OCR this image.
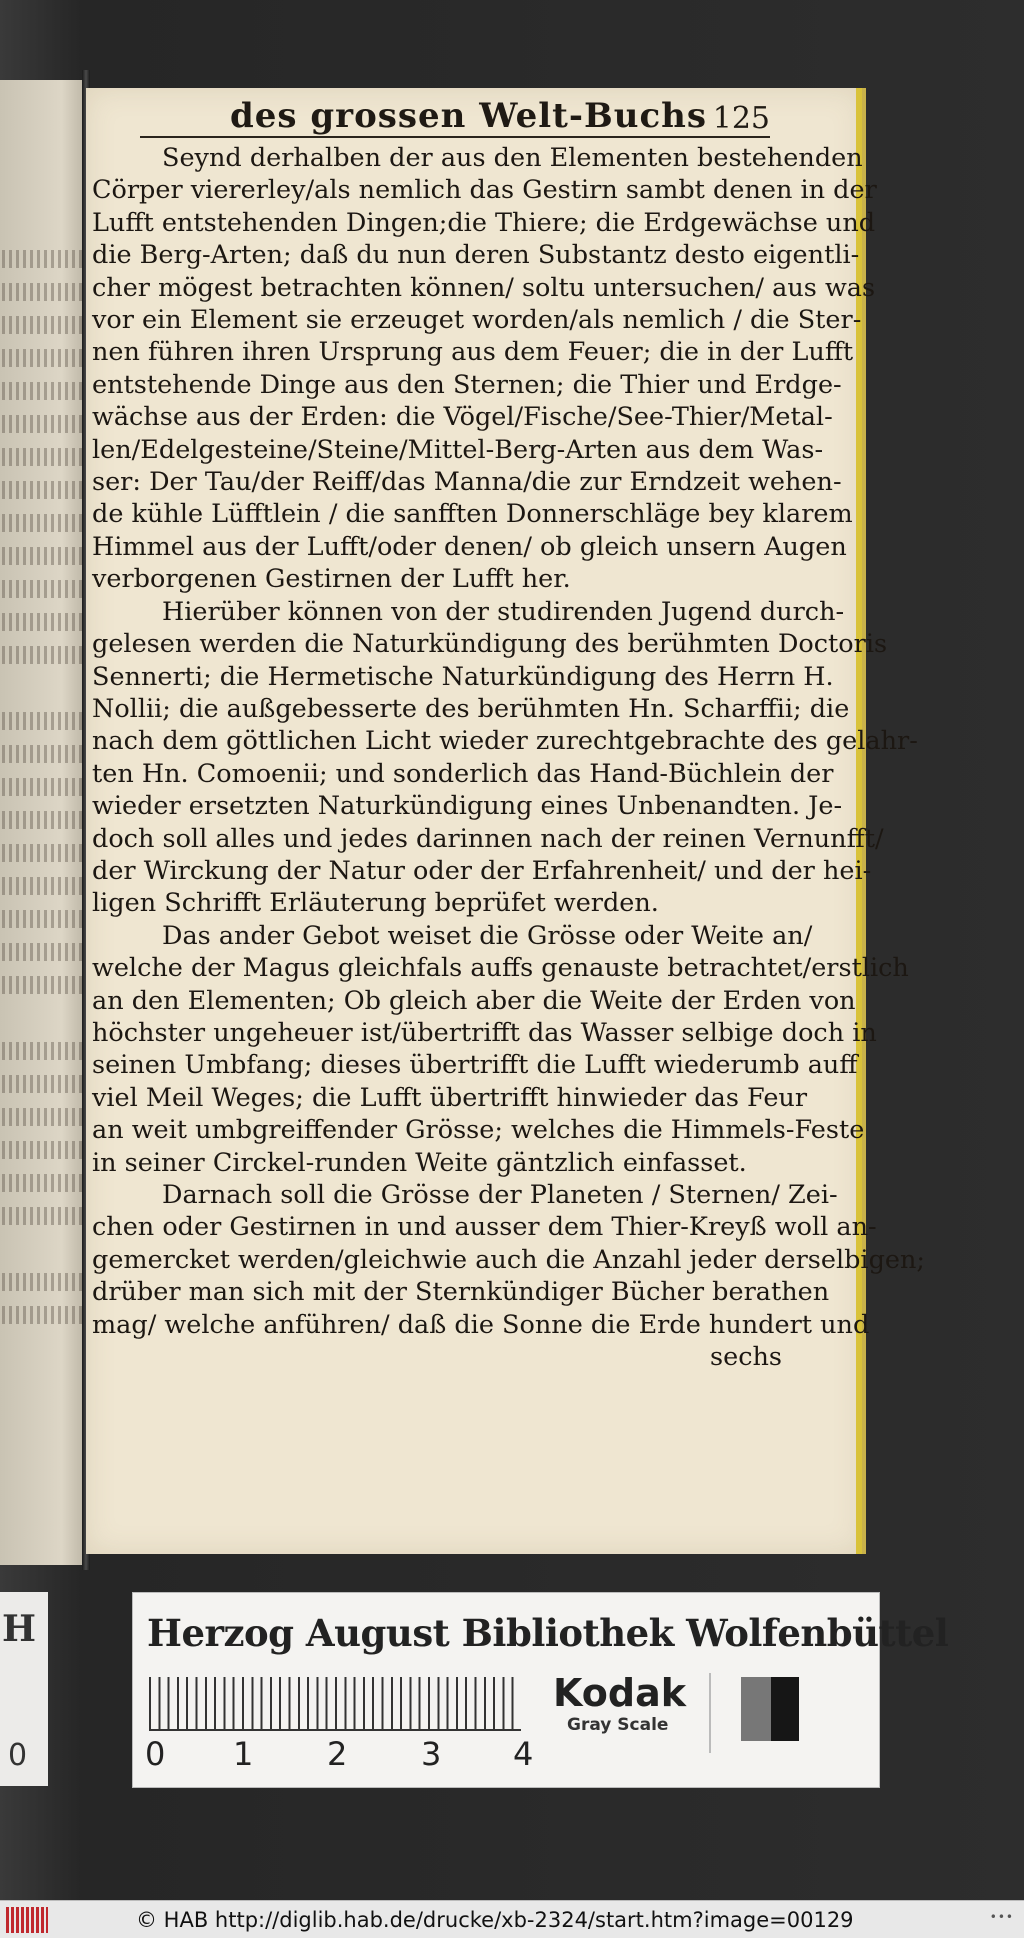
des grossen Welt-Buchs 125
Seynd derhalben der aus den Elementen bestehenden
Cörper viererley/als nemlich das Gestirn sambt denen in der
Lufft entstehenden Dingen;die Thiere; die Erdgewächse und
die Berg-Arten; daß du nun deren Substantz desto eigentli-
cher mögest betrachten können/ soltu untersuchen/ aus was
vor ein Element sie erzeuget worden/als nemlich / die Ster-
nen führen ihren Ursprung aus dem Feuer; die in der Lufft
entstehende Dinge aus den Sternen; die Thier und Erdge-
wächse aus der Erden: die Vögel/Fische/See-Thier/Metal-
len/Edelgesteine/Steine/Mittel-Berg-Arten aus dem Was-
ser: Der Tau/der Reiff/das Manna/die zur Erndzeit wehen-
de kühle Lüfftlein / die sanfften Donnerschläge bey klarem
Himmel aus der Lufft/oder denen/ ob gleich unsern Augen
verborgenen Gestirnen der Lufft her.
Hierüber können von der studirenden Jugend durch-
gelesen werden die Naturkündigung des berühmten Doctoris
Sennerti; die Hermetische Naturkündigung des Herrn H.
Nollii; die außgebesserte des berühmten Hn. Scharffii; die
nach dem göttlichen Licht wieder zurechtgebrachte des gelahr-
ten Hn. Comoenii; und sonderlich das Hand-Büchlein der
wieder ersetzten Naturkündigung eines Unbenandten. Je-
doch soll alles und jedes darinnen nach der reinen Vernunfft/
der Wirckung der Natur oder der Erfahrenheit/ und der hei-
ligen Schrifft Erläuterung beprüfet werden.
Das ander Gebot weiset die Grösse oder Weite an/
welche der Magus gleichfals auffs genauste betrachtet/erstlich
an den Elementen; Ob gleich aber die Weite der Erden von
höchster ungeheuer ist/übertrifft das Wasser selbige doch in
seinen Umbfang; dieses übertrifft die Lufft wiederumb auff
viel Meil Weges; die Lufft übertrifft hinwieder das Feur
an weit umbgreiffender Grösse; welches die Himmels-Feste
in seiner Circkel-runden Weite gäntzlich einfasset.
Darnach soll die Grösse der Planeten / Sternen/ Zei-
chen oder Gestirnen in und ausser dem Thier-Kreyß woll an-
gemercket werden/gleichwie auch die Anzahl jeder derselbigen;
drüber man sich mit der Sternkündiger Bücher berathen
mag/ welche anführen/ daß die Sonne die Erde hundert und
sechs
H
0
Herzog August Bibliothek Wolfenbüttel
0 1 2 3 4
Kodak
Gray Scale
© HAB http://diglib.hab.de/drucke/xb-2324/start.htm?image=00129	•••
